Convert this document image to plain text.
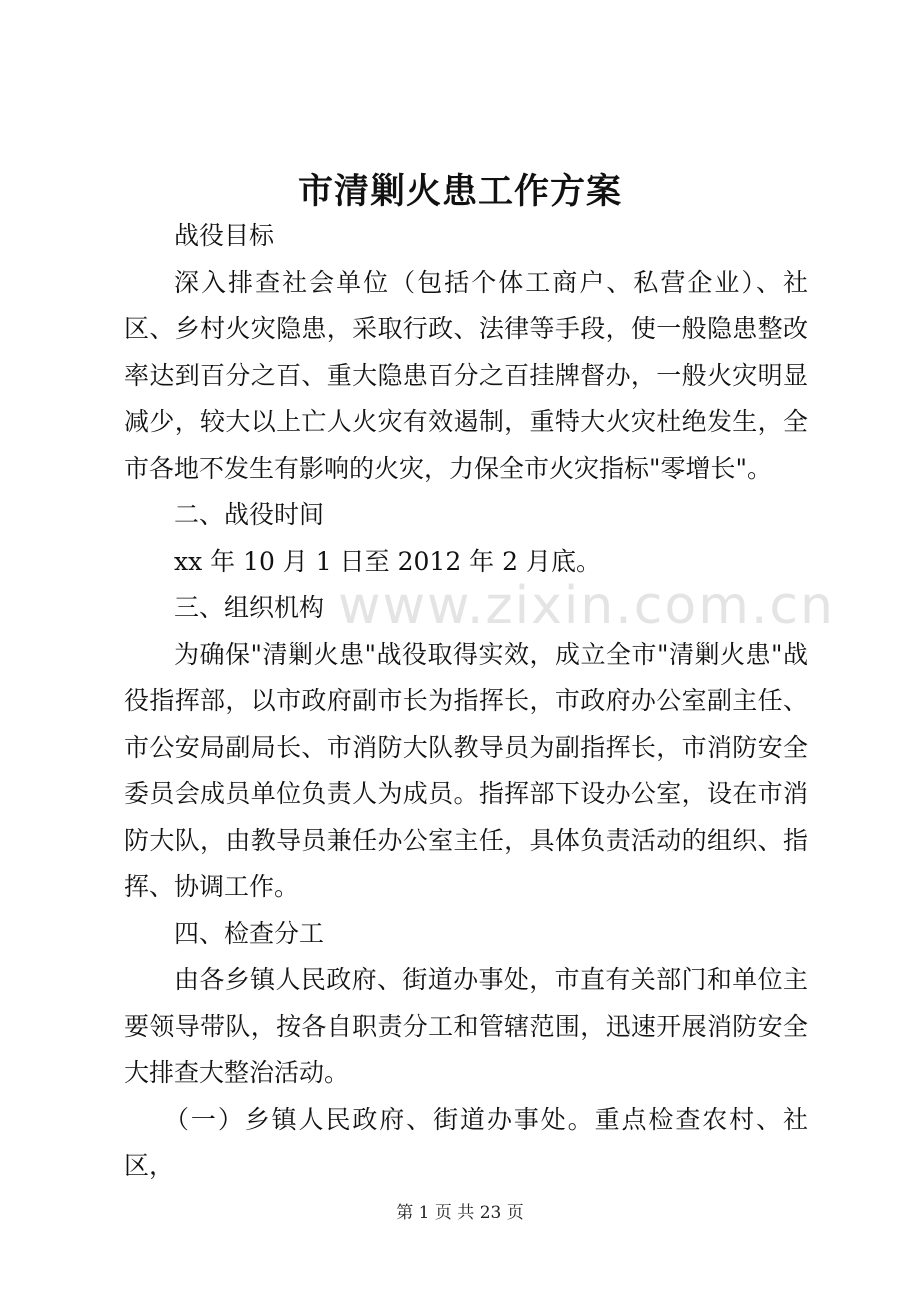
www.zixin.com.cn
市清剿火患工作方案

战役目标

深入排查社会单位（包括个体工商户、私营企业）、社区、乡村火灾隐患，采取行政、法律等手段，使一般隐患整改率达到百分之百、重大隐患百分之百挂牌督办，一般火灾明显减少，较大以上亡人火灾有效遏制，重特大火灾杜绝发生，全市各地不发生有影响的火灾，力保全市火灾指标"零增长"。

二、战役时间

xx 年 10 月 1 日至 2012 年 2 月底。

三、组织机构

为确保"清剿火患"战役取得实效，成立全市"清剿火患"战役指挥部，以市政府副市长为指挥长，市政府办公室副主任、市公安局副局长、市消防大队教导员为副指挥长，市消防安全委员会成员单位负责人为成员。指挥部下设办公室，设在市消防大队，由教导员兼任办公室主任，具体负责活动的组织、指挥、协调工作。

四、检查分工

由各乡镇人民政府、街道办事处，市直有关部门和单位主要领导带队，按各自职责分工和管辖范围，迅速开展消防安全大排查大整治活动。

（一）乡镇人民政府、街道办事处。重点检查农村、社区，

第 1 页 共 23 页
